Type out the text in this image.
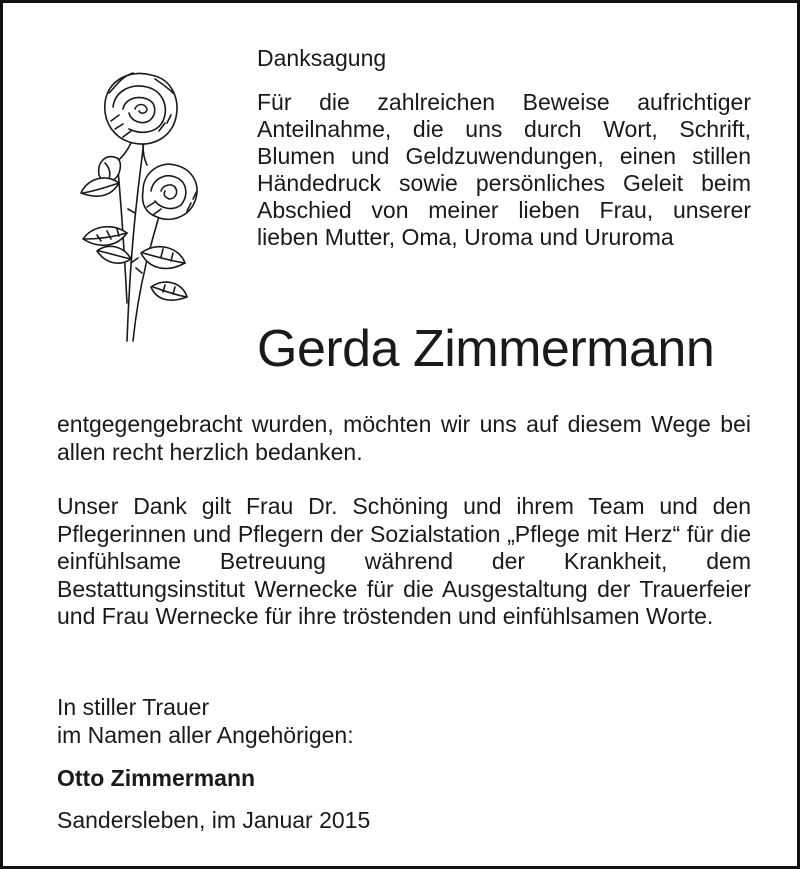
Danksagung
Für die zahlreichen Beweise aufrichtiger Anteilnahme, die uns durch Wort, Schrift, Blumen und Geldzuwendungen, einen stillen Händedruck sowie persönliches Geleit beim Abschied von meiner lieben Frau, unserer lieben Mutter, Oma, Uroma und Ururoma
Gerda Zimmermann
entgegengebracht wurden, möchten wir uns auf diesem Wege bei allen recht herzlich bedanken.
Unser Dank gilt Frau Dr. Schöning und ihrem Team und den Pflegerinnen und Pflegern der Sozialstation „Pflege mit Herz“ für die einfühlsame Betreuung während der Krankheit, dem Bestattungsinstitut Wernecke für die Ausgestaltung der Trauerfeier und Frau Wernecke für ihre tröstenden und einfühlsamen Worte.
In stiller Trauer
im Namen aller Angehörigen:
Otto Zimmermann
Sandersleben, im Januar 2015
